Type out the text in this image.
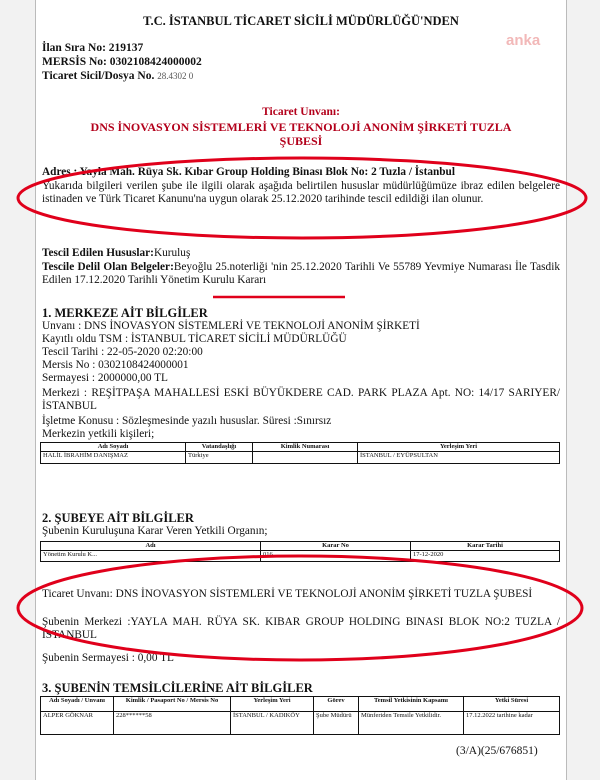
T.C. İSTANBUL TİCARET SİCİLİ MÜDÜRLÜĞÜ'NDEN
anka
İlan Sıra No: 219137
MERSİS No: 0302108424000002
Ticaret Sicil/Dosya No. 28.4302 0
Ticaret Unvanı:
DNS İNOVASYON SİSTEMLERİ VE TEKNOLOJİ ANONİM ŞİRKETİ TUZLA
ŞUBESİ
Adres : Yayla Mah. Rüya Sk. Kıbar Group Holding Binası Blok No: 2 Tuzla / İstanbul
Yukarıda bilgileri verilen şube ile ilgili olarak aşağıda belirtilen hususlar müdürlüğümüze ibraz edilen belgelere istinaden ve Türk Ticaret Kanunu'na uygun olarak 25.12.2020 tarihinde tescil edildiği ilan olunur.
Tescil Edilen Hususlar:Kuruluş
Tescile Delil Olan Belgeler:Beyoğlu 25.noterliği 'nin 25.12.2020 Tarihli Ve 55789 Yevmiye Numarası İle Tasdik Edilen 17.12.2020 Tarihli Yönetim Kurulu Kararı
1. MERKEZE AİT BİLGİLER
Unvanı : DNS İNOVASYON SİSTEMLERİ VE TEKNOLOJİ ANONİM ŞİRKETİ
Kayıtlı oldu TSM : İSTANBUL TİCARET SİCİLİ MÜDÜRLÜĞÜ
Tescil Tarihi : 22-05-2020 02:20:00
Mersis No : 0302108424000001
Sermayesi : 2000000,00 TL
Merkezi : REŞİTPAŞA MAHALLESİ ESKİ BÜYÜKDERE CAD. PARK PLAZA Apt. NO: 14/17 SARIYER/İSTANBUL
İşletme Konusu : Sözleşmesinde yazılı hususlar. Süresi :Sınırsız
Merkezin yetkili kişileri;
Adı Soyadı	Vatandaşlığı	Kimlik Numarası	Yerleşim Yeri
HALİL İBRAHİM DANIŞMAZ	Türkiye		İSTANBUL / EYÜPSULTAN
2. ŞUBEYE AİT BİLGİLER
Şubenin Kuruluşuna Karar Veren Yetkili Organın;
Adı	Karar No	Karar Tarihi
Yönetim Kurulu K...	016	17-12-2020
Ticaret Unvanı: DNS İNOVASYON SİSTEMLERİ VE TEKNOLOJİ ANONİM ŞİRKETİ TUZLA ŞUBESİ
Şubenin Merkezi :YAYLA MAH. RÜYA SK. KIBAR GROUP HOLDING BINASI BLOK NO:2 TUZLA / İSTANBUL
Şubenin Sermayesi : 0,00 TL
3. ŞUBENİN TEMSİLCİLERİNE AİT BİLGİLER
Adı Soyadı / Unvanı	Kimlik / Pasaport No / Mersis No	Yerleşim Yeri	Görev	Temsil Yetkisinin Kapsamı	Yetki Süresi
ALPER GÖKNAR	228******58	İSTANBUL / KADIKÖY	Şube Müdürü	Münferiden Temsile Yetkilidir.	17.12.2022 tarihine kadar
(3/A)(25/676851)
